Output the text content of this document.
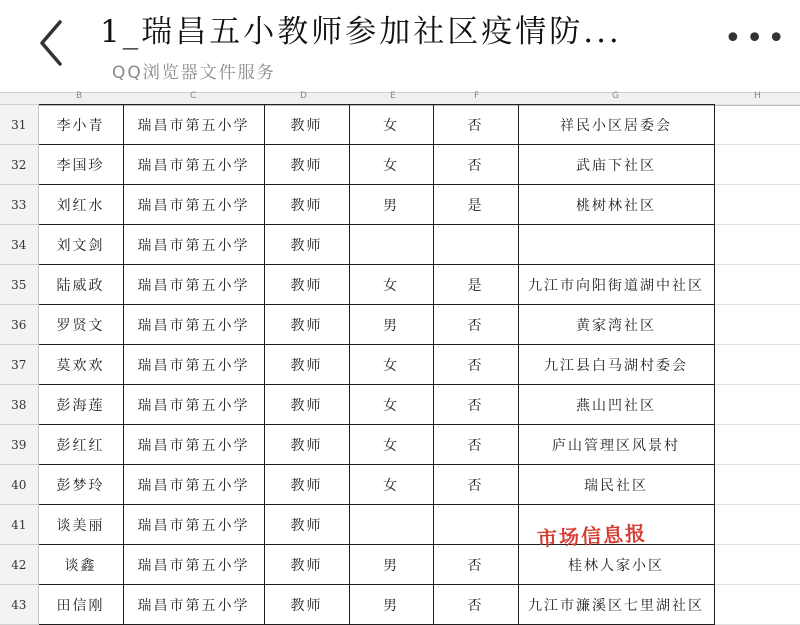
1_瑞昌五小教师参加社区疫情防...
QQ浏览器文件服务
•••
B	C	D	E	F	G	H
31	李小青	瑞昌市第五小学	教师	女	否	祥民小区居委会	
32	李国珍	瑞昌市第五小学	教师	女	否	武庙下社区	
33	刘红水	瑞昌市第五小学	教师	男	是	桃树林社区	
34	刘文剑	瑞昌市第五小学	教师				
35	陆威政	瑞昌市第五小学	教师	女	是	九江市向阳街道湖中社区	
36	罗贤文	瑞昌市第五小学	教师	男	否	黄家湾社区	
37	莫欢欢	瑞昌市第五小学	教师	女	否	九江县白马湖村委会	
38	彭海莲	瑞昌市第五小学	教师	女	否	燕山凹社区	
39	彭红红	瑞昌市第五小学	教师	女	否	庐山管理区风景村	
40	彭梦玲	瑞昌市第五小学	教师	女	否	瑞民社区	
41	谈美丽	瑞昌市第五小学	教师				
42	谈鑫	瑞昌市第五小学	教师	男	否	桂林人家小区	
43	田信刚	瑞昌市第五小学	教师	男	否	九江市濂溪区七里湖社区	
市场信息报
